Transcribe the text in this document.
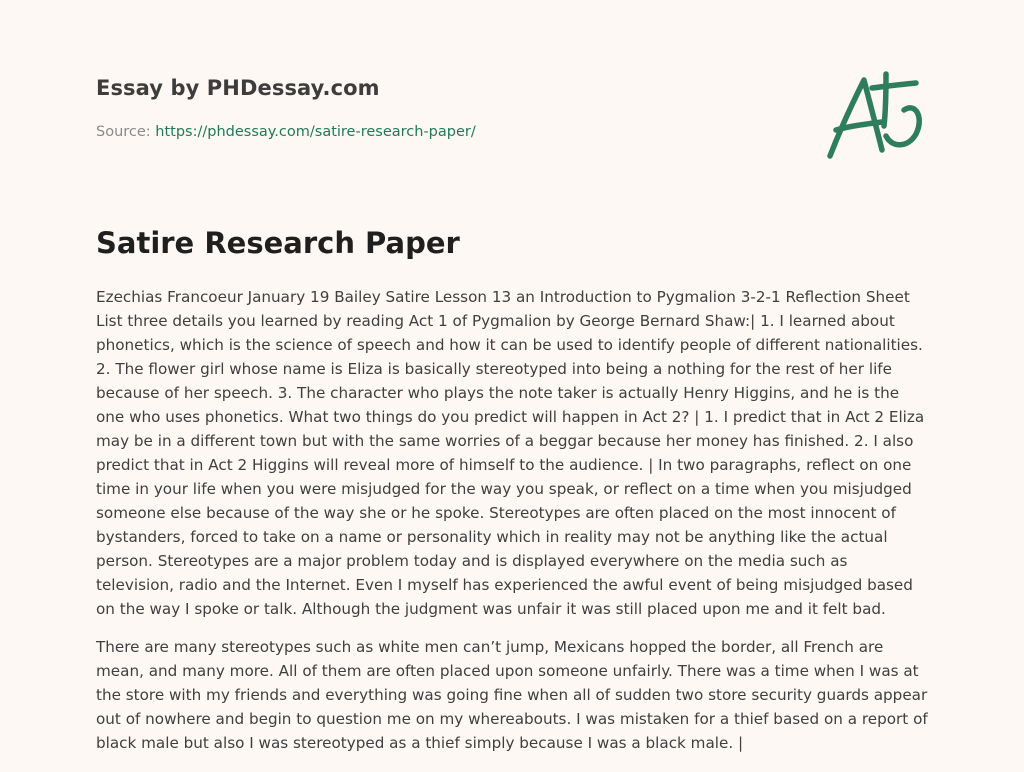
Essay by PHDessay.com
Source: https://phdessay.com/satire-research-paper/
Satire Research Paper

Ezechias Francoeur January 19 Bailey Satire Lesson 13 an Introduction to Pygmalion 3-2-1 Reflection Sheet List three details you learned by reading Act 1 of Pygmalion by George Bernard Shaw:| 1. I learned about phonetics, which is the science of speech and how it can be used to identify people of different nationalities. 2. The flower girl whose name is Eliza is basically stereotyped into being a nothing for the rest of her life because of her speech. 3. The character who plays the note taker is actually Henry Higgins, and he is the one who uses phonetics. What two things do you predict will happen in Act 2? | 1. I predict that in Act 2 Eliza may be in a different town but with the same worries of a beggar because her money has finished. 2. I also predict that in Act 2 Higgins will reveal more of himself to the audience. | In two paragraphs, reflect on one time in your life when you were misjudged for the way you speak, or reflect on a time when you misjudged someone else because of the way she or he spoke. Stereotypes are often placed on the most innocent of bystanders, forced to take on a name or personality which in reality may not be anything like the actual person. Stereotypes are a major problem today and is displayed everywhere on the media such as television, radio and the Internet. Even I myself has experienced the awful event of being misjudged based on the way I spoke or talk. Although the judgment was unfair it was still placed upon me and it felt bad.

There are many stereotypes such as white men can’t jump, Mexicans hopped the border, all French are mean, and many more. All of them are often placed upon someone unfairly. There was a time when I was at the store with my friends and everything was going fine when all of sudden two store security guards appear out of nowhere and begin to question me on my whereabouts. I was mistaken for a thief based on a report of black male but also I was stereotyped as a thief simply because I was a black male. |
